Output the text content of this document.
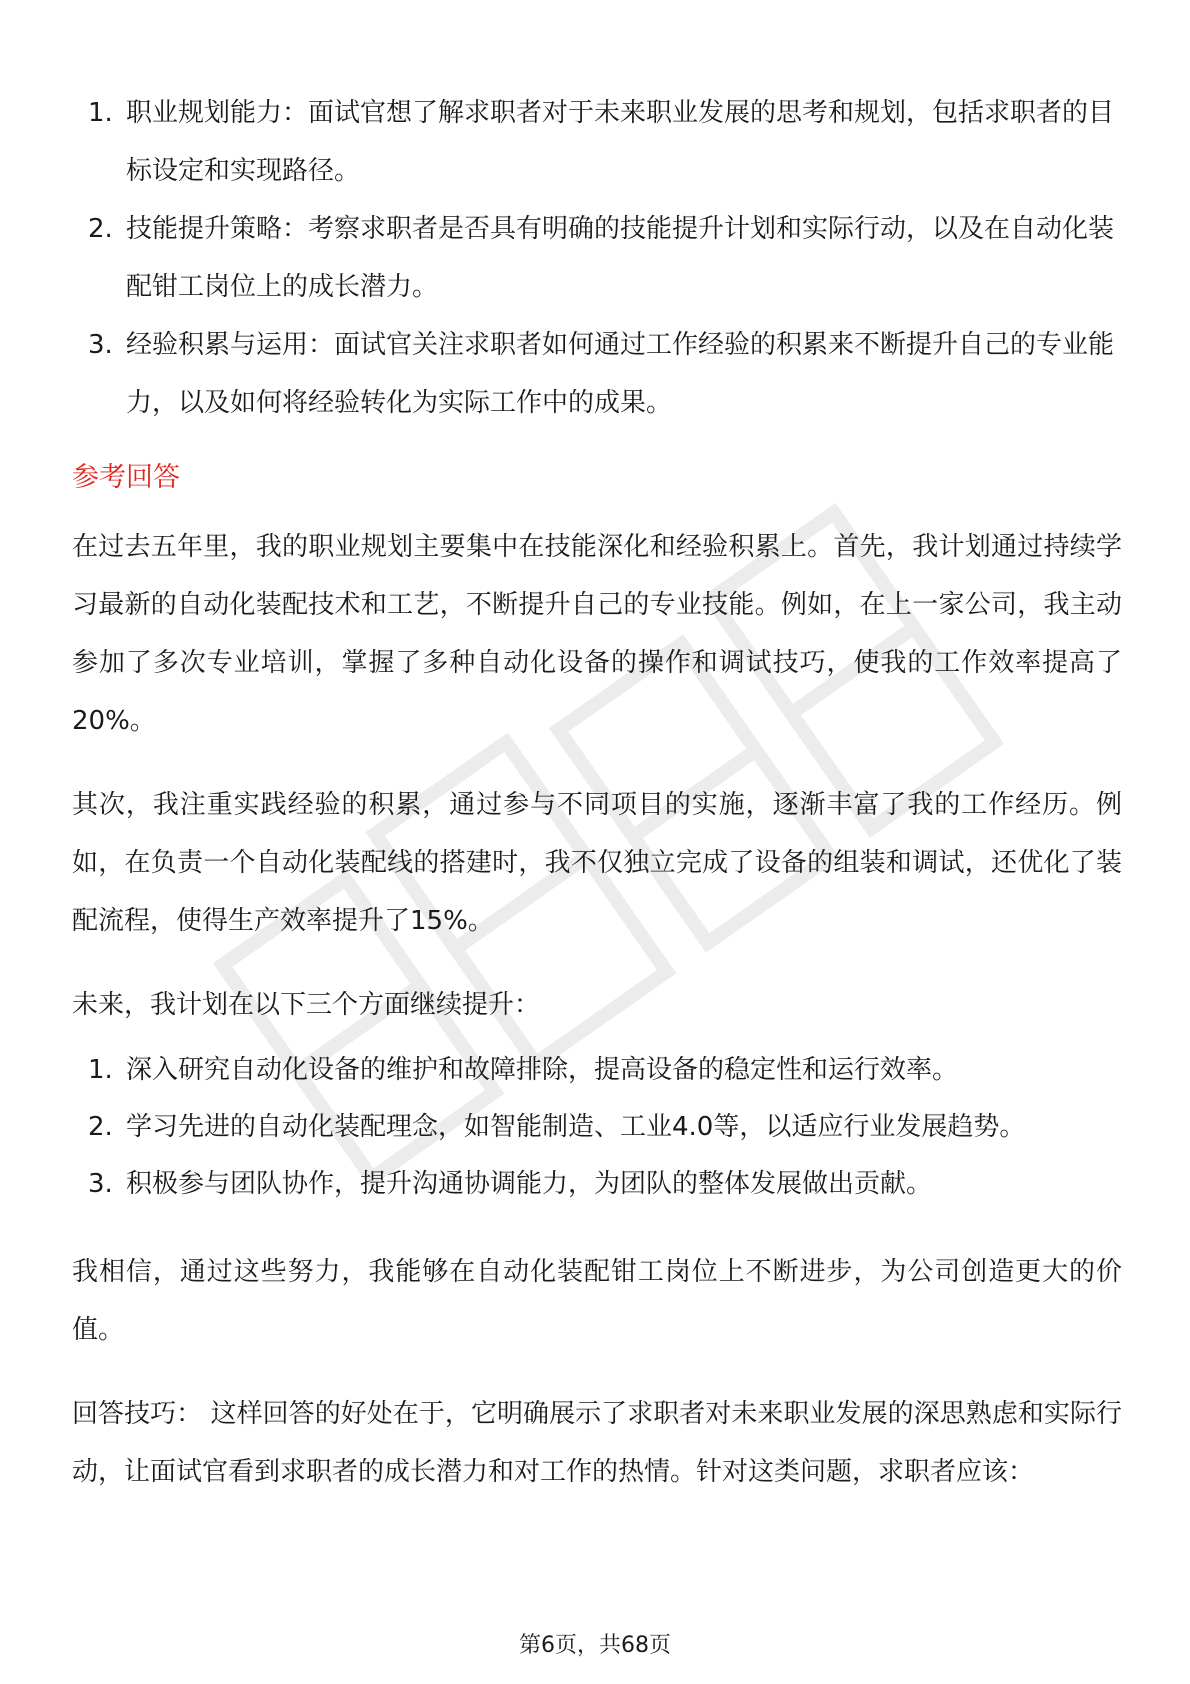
1. 职业规划能力：面试官想了解求职者对于未来职业发展的思考和规划，包括求职者的目标设定和实现路径。
2. 技能提升策略：考察求职者是否具有明确的技能提升计划和实际行动，以及在自动化装配钳工岗位上的成长潜力。
3. 经验积累与运用：面试官关注求职者如何通过工作经验的积累来不断提升自己的专业能力，以及如何将经验转化为实际工作中的成果。
参考回答

在过去五年里，我的职业规划主要集中在技能深化和经验积累上。首先，我计划通过持续学习最新的自动化装配技术和工艺，不断提升自己的专业技能。例如，在上一家公司，我主动参加了多次专业培训，掌握了多种自动化设备的操作和调试技巧，使我的工作效率提高了20%。

其次，我注重实践经验的积累，通过参与不同项目的实施，逐渐丰富了我的工作经历。例如，在负责一个自动化装配线的搭建时，我不仅独立完成了设备的组装和调试，还优化了装配流程，使得生产效率提升了15%。

未来，我计划在以下三个方面继续提升：

1. 深入研究自动化设备的维护和故障排除，提高设备的稳定性和运行效率。
2. 学习先进的自动化装配理念，如智能制造、工业4.0等，以适应行业发展趋势。
3. 积极参与团队协作，提升沟通协调能力，为团队的整体发展做出贡献。

我相信，通过这些努力，我能够在自动化装配钳工岗位上不断进步，为公司创造更大的价值。

回答技巧： 这样回答的好处在于，它明确展示了求职者对未来职业发展的深思熟虑和实际行动，让面试官看到求职者的成长潜力和对工作的热情。针对这类问题，求职者应该：

第6页，共68页
